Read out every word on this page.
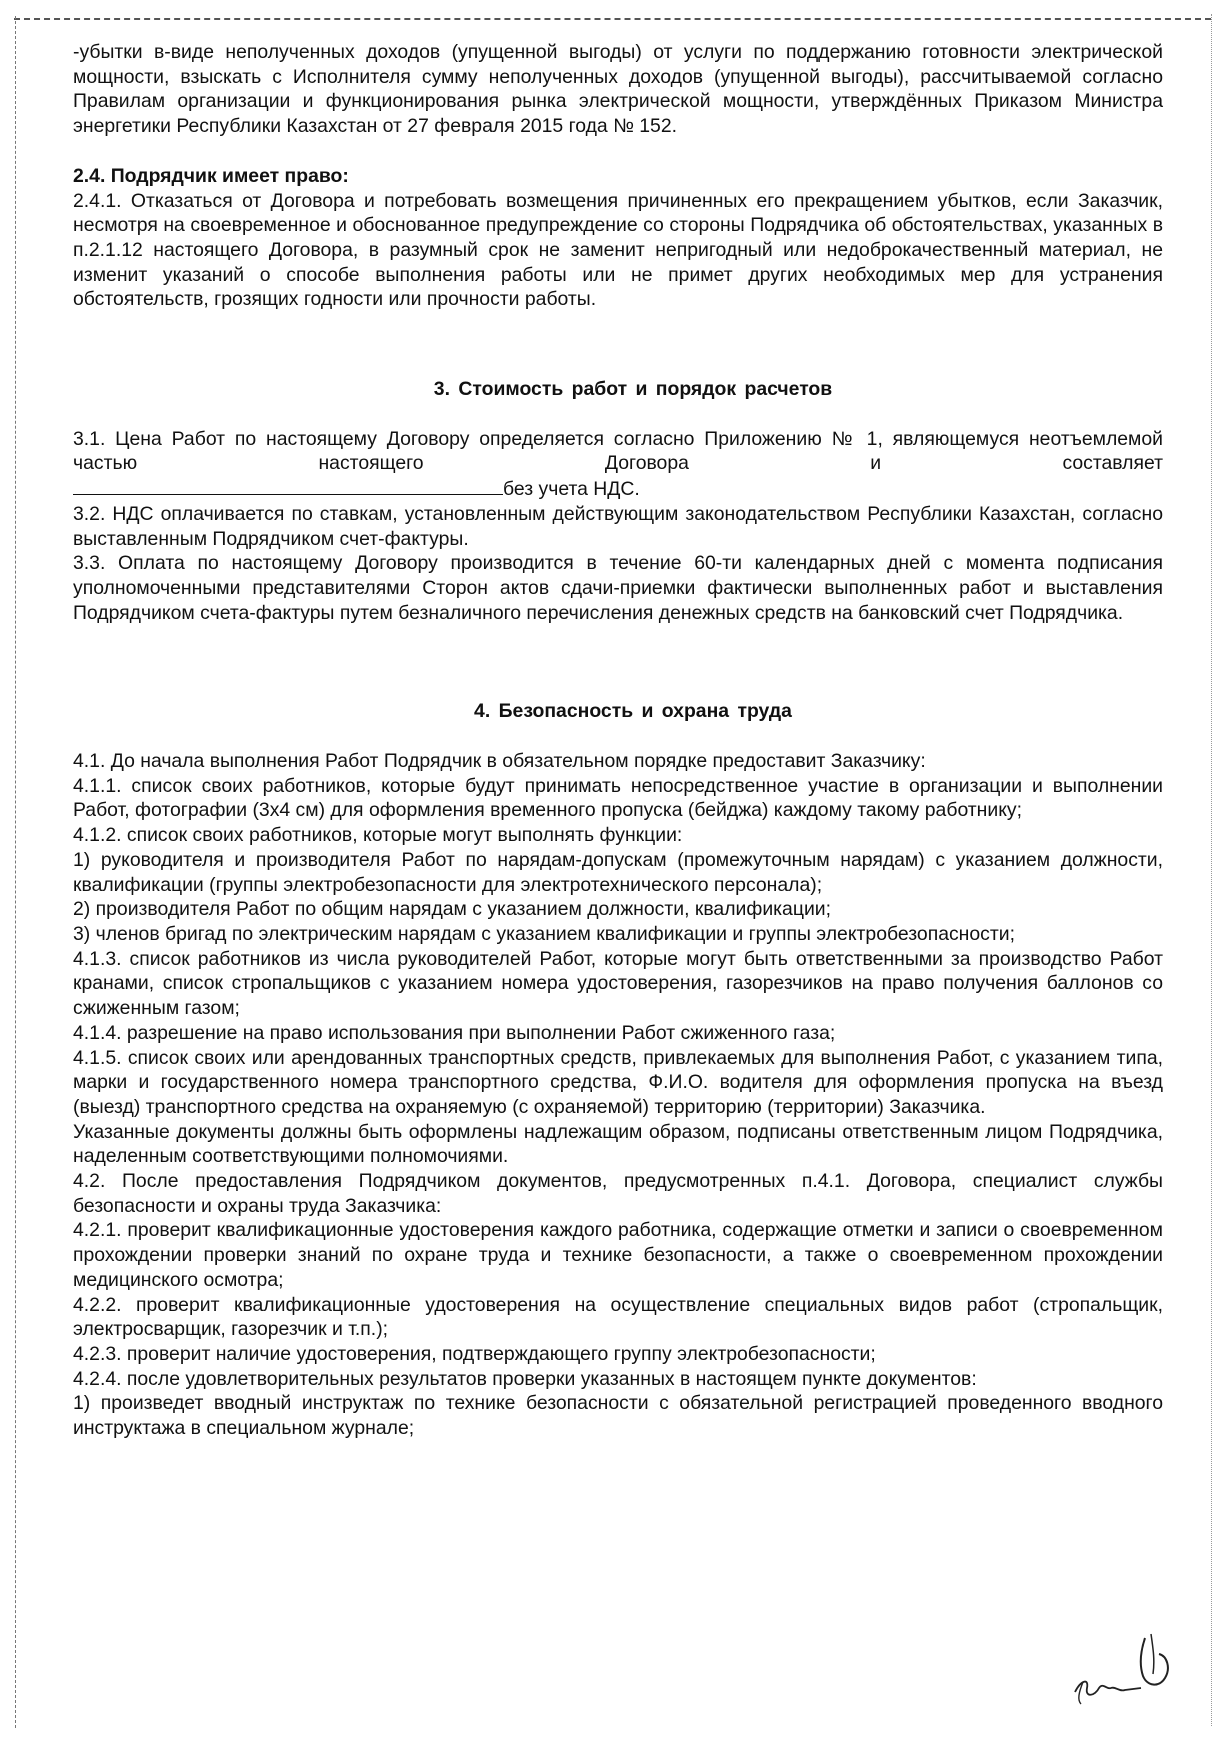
-убытки в-виде неполученных доходов (упущенной выгоды) от услуги по поддержанию готовности электрической мощности, взыскать с Исполнителя сумму неполученных доходов (упущенной выгоды), рассчитываемой согласно Правилам организации и функционирования рынка электрической мощности, утверждённых Приказом Министра энергетики Республики Казахстан от 27 февраля 2015 года № 152.

2.4. Подрядчик имеет право:

2.4.1. Отказаться от Договора и потребовать возмещения причиненных его прекращением убытков, если Заказчик, несмотря на своевременное и обоснованное предупреждение со стороны Подрядчика об обстоятельствах, указанных в п.2.1.12 настоящего Договора, в разумный срок не заменит непригодный или недоброкачественный материал, не изменит указаний о способе выполнения работы или не примет других необходимых мер для устранения обстоятельств, грозящих годности или прочности работы.

3. Стоимость работ и порядок расчетов

3.1. Цена Работ по настоящему Договору определяется согласно Приложению № 1, являющемуся неотъемлемой частью настоящего Договора и составляет

без учета НДС.

3.2. НДС оплачивается по ставкам, установленным действующим законодательством Республики Казахстан, согласно выставленным Подрядчиком счет-фактуры.

3.3. Оплата по настоящему Договору производится в течение 60-ти календарных дней с момента подписания уполномоченными представителями Сторон актов сдачи-приемки фактически выполненных работ и выставления Подрядчиком счета-фактуры путем безналичного перечисления денежных средств на банковский счет Подрядчика.

4. Безопасность и охрана труда

4.1. До начала выполнения Работ Подрядчик в обязательном порядке предоставит Заказчику:

4.1.1. список своих работников, которые будут принимать непосредственное участие в организации и выполнении Работ, фотографии (3х4 см) для оформления временного пропуска (бейджа) каждому такому работнику;

4.1.2. список своих работников, которые могут выполнять функции:

1) руководителя и производителя Работ по нарядам-допускам (промежуточным нарядам) с указанием должности, квалификации (группы электробезопасности для электротехнического персонала);

2) производителя Работ по общим нарядам с указанием должности, квалификации;

3) членов бригад по электрическим нарядам с указанием квалификации и группы электробезопасности;

4.1.3. список работников из числа руководителей Работ, которые могут быть ответственными за производство Работ кранами, список стропальщиков с указанием номера удостоверения, газорезчиков на право получения баллонов со сжиженным газом;

4.1.4. разрешение на право использования при выполнении Работ сжиженного газа;

4.1.5. список своих или арендованных транспортных средств, привлекаемых для выполнения Работ, с указанием типа, марки и государственного номера транспортного средства, Ф.И.О. водителя для оформления пропуска на въезд (выезд) транспортного средства на охраняемую (с охраняемой) территорию (территории) Заказчика.

Указанные документы должны быть оформлены надлежащим образом, подписаны ответственным лицом Подрядчика, наделенным соответствующими полномочиями.

4.2. После предоставления Подрядчиком документов, предусмотренных п.4.1. Договора, специалист службы безопасности и охраны труда Заказчика:

4.2.1. проверит квалификационные удостоверения каждого работника, содержащие отметки и записи о своевременном прохождении проверки знаний по охране труда и технике безопасности, а также о своевременном прохождении медицинского осмотра;

4.2.2. проверит квалификационные удостоверения на осуществление специальных видов работ (стропальщик, электросварщик, газорезчик и т.п.);

4.2.3. проверит наличие удостоверения, подтверждающего группу электробезопасности;

4.2.4. после удовлетворительных результатов проверки указанных в настоящем пункте документов:

1) произведет вводный инструктаж по технике безопасности с обязательной регистрацией проведенного вводного инструктажа в специальном журнале;
